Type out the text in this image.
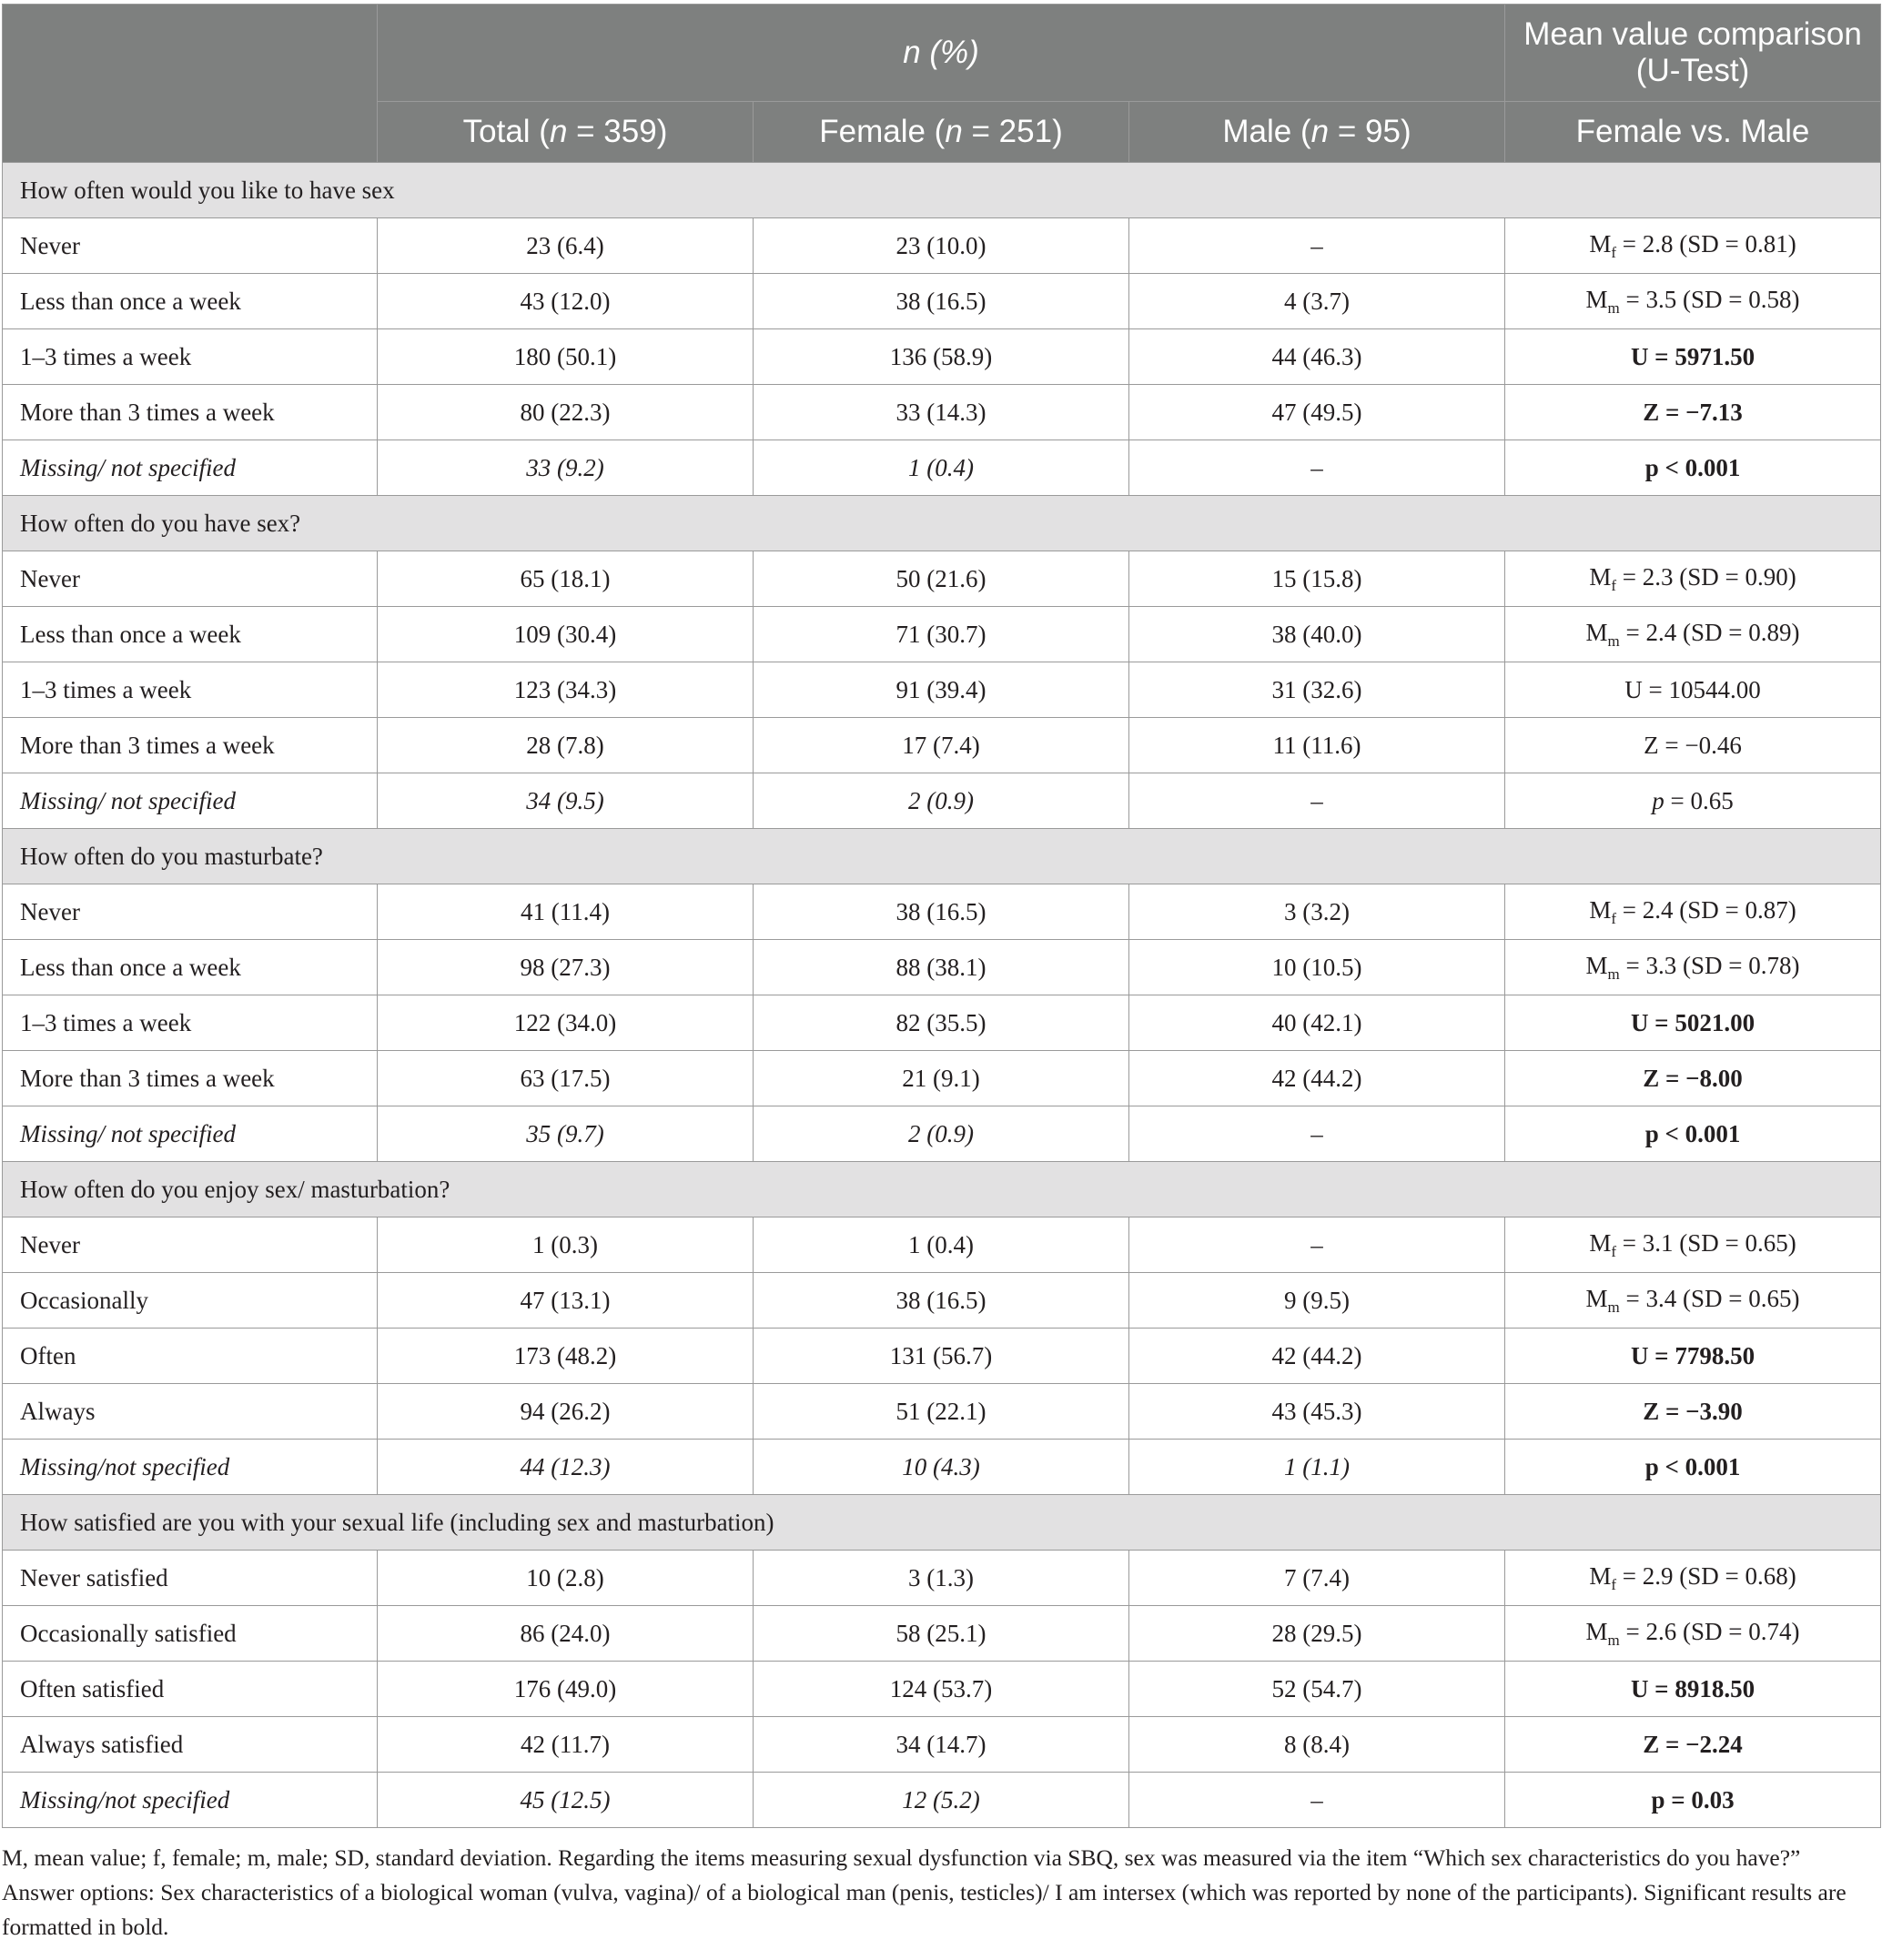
	n (%)			Mean value comparison (U-Test)
	Total (n = 359)	Female (n = 251)	Male (n = 95)	Female vs. Male
How often would you like to have sex				
Never	23 (6.4)	23 (10.0)	–	$M_f = 2.8$ (SD = 0.81)
Less than once a week	43 (12.0)	38 (16.5)	4 (3.7)	$M_m = 3.5$ (SD = 0.58)
1–3 times a week	180 (50.1)	136 (58.9)	44 (46.3)	U = 5971.50
More than 3 times a week	80 (22.3)	33 (14.3)	47 (49.5)	Z = −7.13
Missing/ not specified	33 (9.2)	1 (0.4)	–	p < 0.001
How often do you have sex?				
Never	65 (18.1)	50 (21.6)	15 (15.8)	$M_f = 2.3$ (SD = 0.90)
Less than once a week	109 (30.4)	71 (30.7)	38 (40.0)	$M_m = 2.4$ (SD = 0.89)
1–3 times a week	123 (34.3)	91 (39.4)	31 (32.6)	U = 10544.00
More than 3 times a week	28 (7.8)	17 (7.4)	11 (11.6)	Z = −0.46
Missing/ not specified	34 (9.5)	2 (0.9)	–	p = 0.65
How often do you masturbate?				
Never	41 (11.4)	38 (16.5)	3 (3.2)	$M_f = 2.4$ (SD = 0.87)
Less than once a week	98 (27.3)	88 (38.1)	10 (10.5)	$M_m = 3.3$ (SD = 0.78)
1–3 times a week	122 (34.0)	82 (35.5)	40 (42.1)	U = 5021.00
More than 3 times a week	63 (17.5)	21 (9.1)	42 (44.2)	Z = −8.00
Missing/ not specified	35 (9.7)	2 (0.9)	–	p < 0.001
How often do you enjoy sex/ masturbation?				
Never	1 (0.3)	1 (0.4)	–	$M_f = 3.1$ (SD = 0.65)
Occasionally	47 (13.1)	38 (16.5)	9 (9.5)	$M_m = 3.4$ (SD = 0.65)
Often	173 (48.2)	131 (56.7)	42 (44.2)	U = 7798.50
Always	94 (26.2)	51 (22.1)	43 (45.3)	Z = −3.90
Missing/not specified	44 (12.3)	10 (4.3)	1 (1.1)	p < 0.001
How satisfied are you with your sexual life (including sex and masturbation)				
Never satisfied	10 (2.8)	3 (1.3)	7 (7.4)	$M_f = 2.9$ (SD = 0.68)
Occasionally satisfied	86 (24.0)	58 (25.1)	28 (29.5)	$M_m = 2.6$ (SD = 0.74)
Often satisfied	176 (49.0)	124 (53.7)	52 (54.7)	U = 8918.50
Always satisfied	42 (11.7)	34 (14.7)	8 (8.4)	Z = −2.24
Missing/not specified	45 (12.5)	12 (5.2)	–	p = 0.03
M, mean value; f, female; m, male; SD, standard deviation. Regarding the items measuring sexual dysfunction via SBQ, sex was measured via the item “Which sex characteristics do you have?” Answer options: Sex characteristics of a biological woman (vulva, vagina)/ of a biological man (penis, testicles)/ I am intersex (which was reported by none of the participants). Significant results are formatted in bold.
